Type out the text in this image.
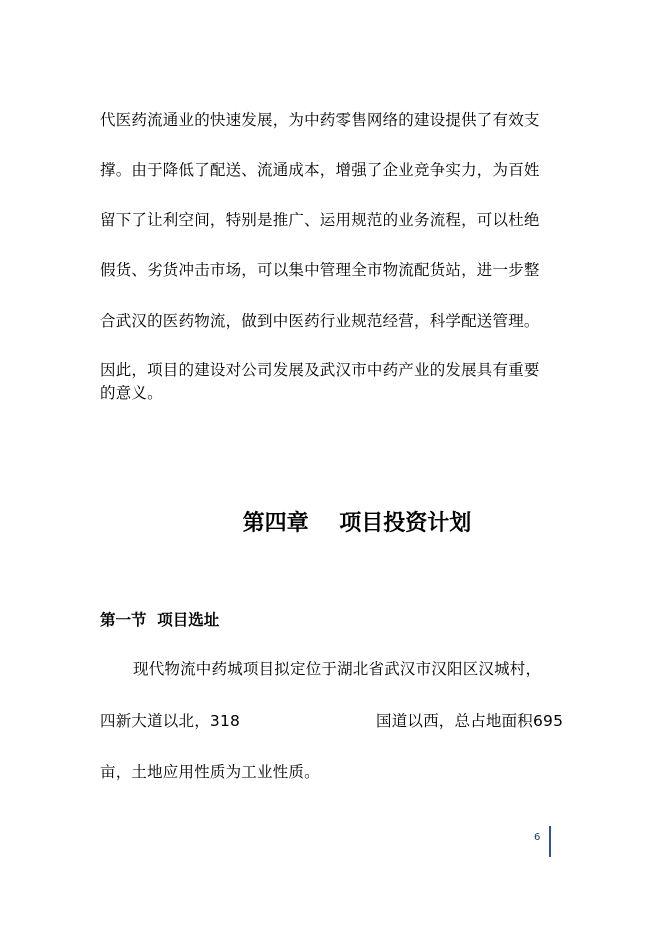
代医药流通业的快速发展，为中药零售网络的建设提供了有效支
撑。由于降低了配送、流通成本，增强了企业竞争实力，为百姓
留下了让利空间，特别是推广、运用规范的业务流程，可以杜绝
假货、劣货冲击市场，可以集中管理全市物流配货站，进一步整
合武汉的医药物流，做到中医药行业规范经营，科学配送管理。
因此，项目的建设对公司发展及武汉市中药产业的发展具有重要
的意义。
第四章    项目投资计划
第一节  项目选址
现代物流中药城项目拟定位于湖北省武汉市汉阳区汉城村，
四新大道以北，318	国道以西，总占地面积695
亩，土地应用性质为工业性质。
6
